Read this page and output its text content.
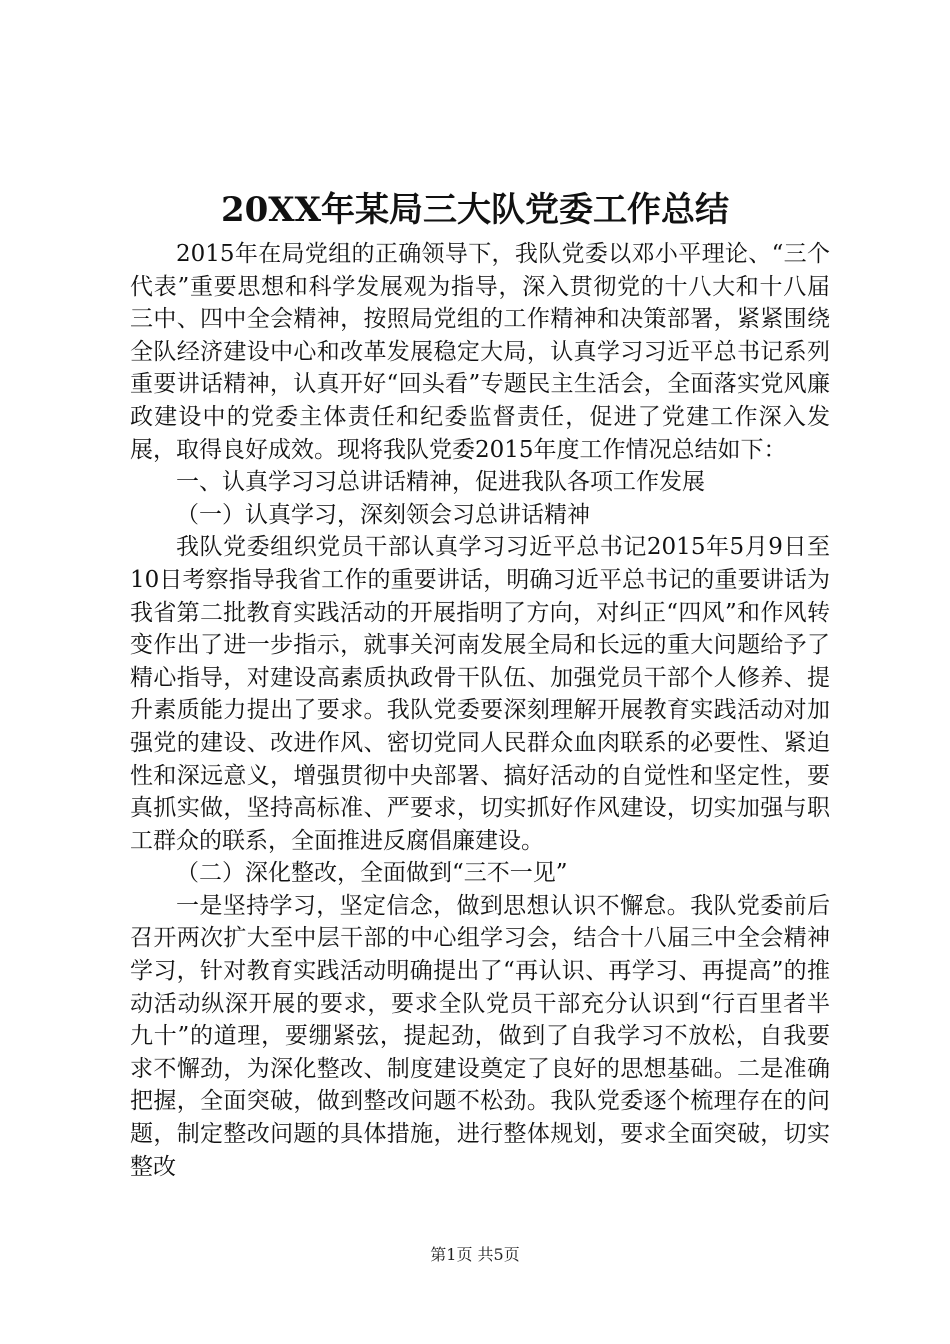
20XX年某局三大队党委工作总结

2015年在局党组的正确领导下，我队党委以邓小平理论、“三个代表”重要思想和科学发展观为指导，深入贯彻党的十八大和十八届三中、四中全会精神，按照局党组的工作精神和决策部署，紧紧围绕全队经济建设中心和改革发展稳定大局，认真学习习近平总书记系列重要讲话精神，认真开好“回头看”专题民主生活会，全面落实党风廉政建设中的党委主体责任和纪委监督责任，促进了党建工作深入发展，取得良好成效。现将我队党委2015年度工作情况总结如下：

一、认真学习习总讲话精神，促进我队各项工作发展

（一）认真学习，深刻领会习总讲话精神

我队党委组织党员干部认真学习习近平总书记2015年5月9日至10日考察指导我省工作的重要讲话，明确习近平总书记的重要讲话为我省第二批教育实践活动的开展指明了方向，对纠正“四风”和作风转变作出了进一步指示，就事关河南发展全局和长远的重大问题给予了精心指导，对建设高素质执政骨干队伍、加强党员干部个人修养、提升素质能力提出了要求。我队党委要深刻理解开展教育实践活动对加强党的建设、改进作风、密切党同人民群众血肉联系的必要性、紧迫性和深远意义，增强贯彻中央部署、搞好活动的自觉性和坚定性，要真抓实做，坚持高标准、严要求，切实抓好作风建设，切实加强与职工群众的联系，全面推进反腐倡廉建设。

（二）深化整改，全面做到“三不一见”

一是坚持学习，坚定信念，做到思想认识不懈怠。我队党委前后召开两次扩大至中层干部的中心组学习会，结合十八届三中全会精神学习，针对教育实践活动明确提出了“再认识、再学习、再提高”的推动活动纵深开展的要求，要求全队党员干部充分认识到“行百里者半九十”的道理，要绷紧弦，提起劲，做到了自我学习不放松，自我要求不懈劲，为深化整改、制度建设奠定了良好的思想基础。二是准确把握，全面突破，做到整改问题不松劲。我队党委逐个梳理存在的问题，制定整改问题的具体措施，进行整体规划，要求全面突破，切实整改

第1页 共5页
